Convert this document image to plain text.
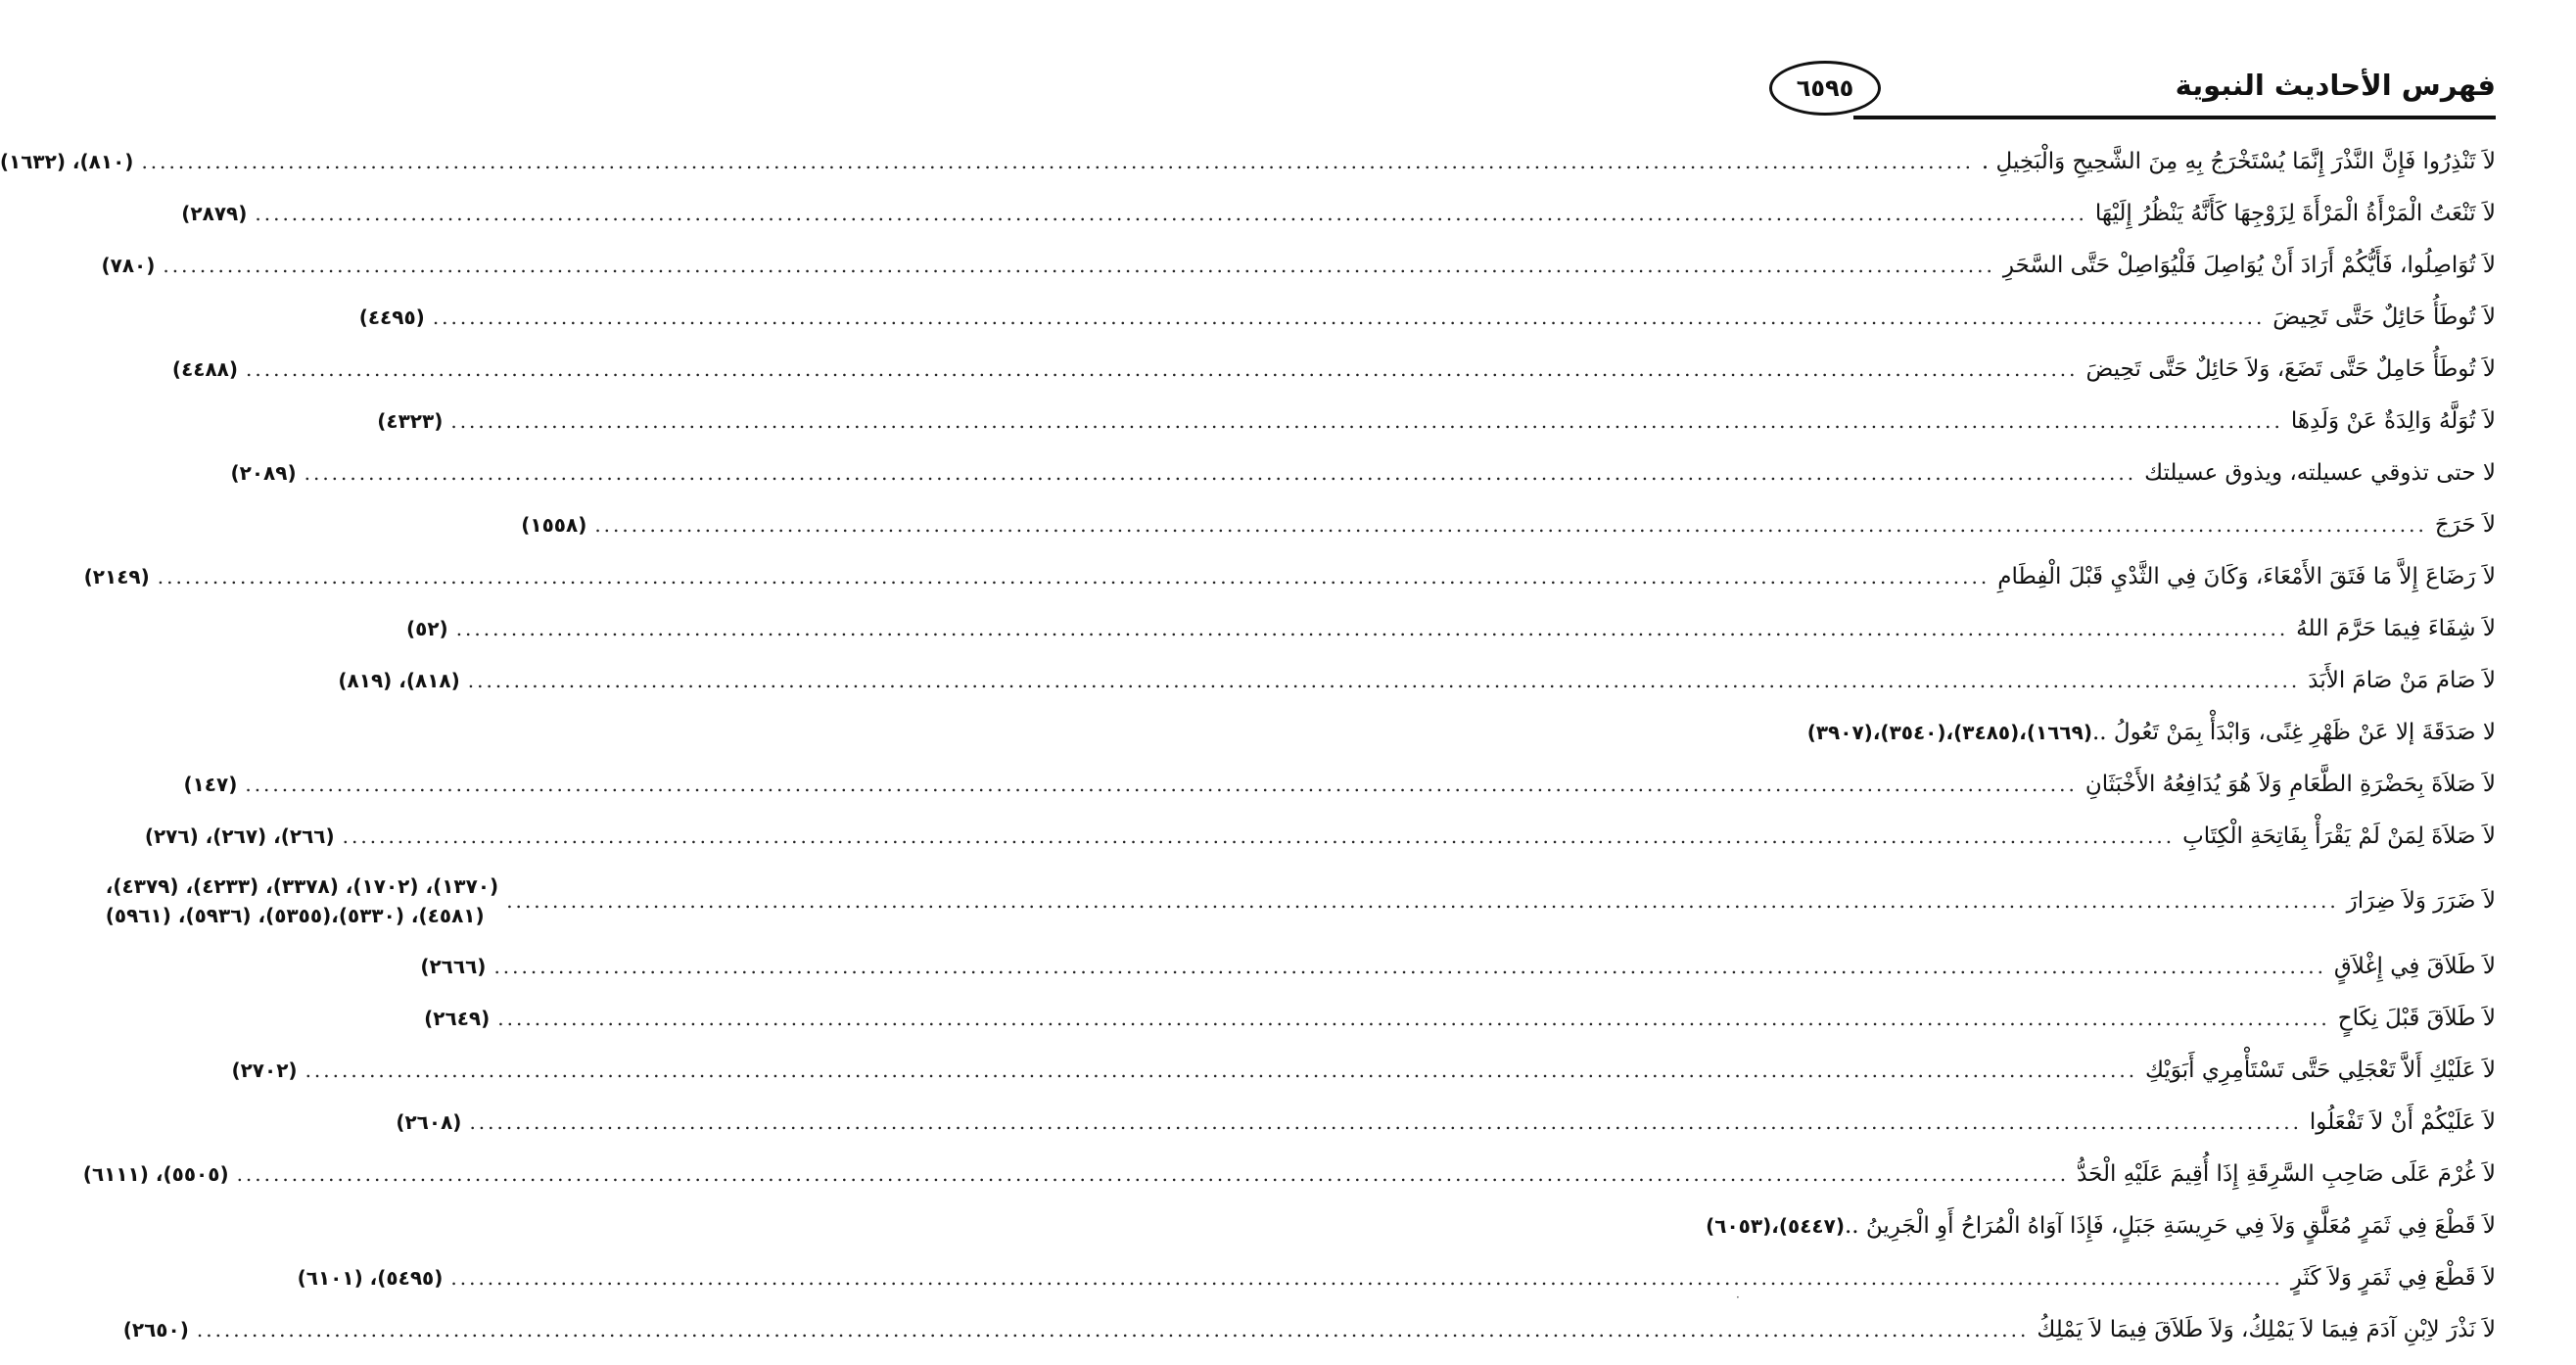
فهرس الأحاديث النبوية
٦٥٩٥
لاَ تَنْذِرُوا فَإِنَّ النَّذْرَ إِنَّمَا يُسْتَخْرَجُ بِهِ مِنَ الشَّحِيحِ وَالْبَخِيلِ .
........................................................................................................................................................................................................
(٨١٠)، (١٦٣٢)
لاَ تَنْعَتُ الْمَرْأَةُ الْمَرْأَةَ لِزَوْجِهَا كَأَنَّهُ يَنْظُرُ إِلَيْهَا
........................................................................................................................................................................................................
(٢٨٧٩)
لاَ تُوَاصِلُوا، فَأَيُّكُمْ أَرَادَ أَنْ يُوَاصِلَ فَلْيُوَاصِلْ حَتَّى السَّحَرِ
........................................................................................................................................................................................................
(٧٨٠)
لاَ تُوطَأُ حَائِلٌ حَتَّى تَحِيضَ
........................................................................................................................................................................................................
(٤٤٩٥)
لاَ تُوطَأُ حَامِلٌ حَتَّى تَضَعَ، وَلاَ حَائِلٌ حَتَّى تَحِيضَ
........................................................................................................................................................................................................
(٤٤٨٨)
لاَ تُوَلَّهُ وَالِدَةٌ عَنْ وَلَدِهَا
........................................................................................................................................................................................................
(٤٣٢٣)
لا حتى تذوقي عسيلته، ويذوق عسيلتك
........................................................................................................................................................................................................
(٢٠٨٩)
لاَ حَرَجَ
........................................................................................................................................................................................................
(١٥٥٨)
لاَ رَضَاعَ إِلاَّ مَا فَتَقَ الأَمْعَاءَ، وَكَانَ فِي الثَّدْيِ قَبْلَ الْفِطَامِ
........................................................................................................................................................................................................
(٢١٤٩)
لاَ شِفَاءَ فِيمَا حَرَّمَ اللهُ
........................................................................................................................................................................................................
(٥٢)
لاَ صَامَ مَنْ صَامَ الأَبَدَ
........................................................................................................................................................................................................
(٨١٨)، (٨١٩)
لا صَدَقَةَ إلا عَنْ ظَهْرِ غِنًى، وَابْدَأْ بِمَنْ تَعُولُ ..
(١٦٦٩)،(٣٤٨٥)،(٣٥٤٠)،(٣٩٠٧)
لاَ صَلاَةَ بِحَضْرَةِ الطَّعَامِ وَلاَ هُوَ يُدَافِعُهُ الأَخْبَثَانِ
........................................................................................................................................................................................................
(١٤٧)
لاَ صَلاَةَ لِمَنْ لَمْ يَقْرَأْ بِفَاتِحَةِ الْكِتَابِ
........................................................................................................................................................................................................
(٢٦٦)، (٢٦٧)، (٢٧٦)
لاَ ضَرَرَ وَلاَ ضِرَارَ
........................................................................................................................................................................................................
(١٣٧٠)، (١٧٠٢)، (٣٣٧٨)، (٤٢٣٣)، (٤٣٧٩)،
(٤٥٨١)، (٥٣٣٠)،(٥٣٥٥)، (٥٩٣٦)، (٥٩٦١)
لاَ طَلاَقَ فِي إِغْلاَقٍ
........................................................................................................................................................................................................
(٢٦٦٦)
لاَ طَلاَقَ قَبْلَ نِكَاحٍ
........................................................................................................................................................................................................
(٢٦٤٩)
لاَ عَلَيْكِ أَلاَّ تَعْجَلِي حَتَّى تَسْتَأْمِرِي أَبَوَيْكِ
........................................................................................................................................................................................................
(٢٧٠٢)
لاَ عَلَيْكُمْ أَنْ لاَ تَفْعَلُوا
........................................................................................................................................................................................................
(٢٦٠٨)
لاَ غُرْمَ عَلَى صَاحِبِ السَّرِقَةِ إِذَا أُقِيمَ عَلَيْهِ الْحَدُّ
........................................................................................................................................................................................................
(٥٥٠٥)، (٦١١١)
لاَ قَطْعَ فِي ثَمَرٍ مُعَلَّقٍ وَلاَ فِي حَرِيسَةِ جَبَلٍ، فَإِذَا آوَاهُ الْمُرَاحُ أَوِ الْجَرِينُ ..
(٥٤٤٧)،(٦٠٥٣)
لاَ قَطْعَ فِي ثَمَرٍ وَلاَ كَثَرٍ
........................................................................................................................................................................................................
(٥٤٩٥)، (٦١٠١)
لاَ نَذْرَ لاِبْنِ آدَمَ فِيمَا لاَ يَمْلِكُ، وَلاَ طَلاَقَ فِيمَا لاَ يَمْلِكُ
........................................................................................................................................................................................................
(٢٦٥٠)
·
